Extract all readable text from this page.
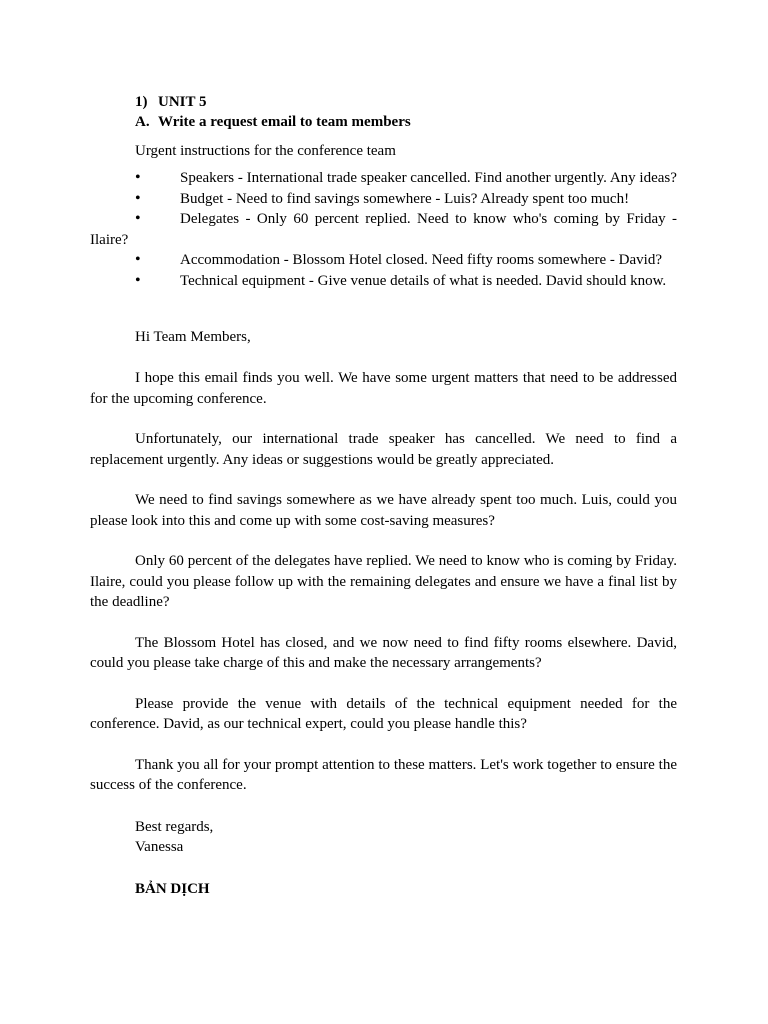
1) UNIT 5
A. Write a request email to team members
Urgent instructions for the conference team
•	Speakers - International trade speaker cancelled. Find another urgently. Any ideas?
•	Budget - Need to find savings somewhere - Luis? Already spent too much!
•	Delegates - Only 60 percent replied. Need to know who's coming by Friday - Ilaire?
•	Accommodation - Blossom Hotel closed. Need fifty rooms somewhere - David?
•	Technical equipment - Give venue details of what is needed. David should know.
Hi Team Members,
I hope this email finds you well. We have some urgent matters that need to be addressed for the upcoming conference.
Unfortunately, our international trade speaker has cancelled. We need to find a replacement urgently. Any ideas or suggestions would be greatly appreciated.
We need to find savings somewhere as we have already spent too much. Luis, could you please look into this and come up with some cost-saving measures?
Only 60 percent of the delegates have replied. We need to know who is coming by Friday. Ilaire, could you please follow up with the remaining delegates and ensure we have a final list by the deadline?
The Blossom Hotel has closed, and we now need to find fifty rooms elsewhere. David, could you please take charge of this and make the necessary arrangements?
Please provide the venue with details of the technical equipment needed for the conference. David, as our technical expert, could you please handle this?
Thank you all for your prompt attention to these matters. Let's work together to ensure the success of the conference.
Best regards,
Vanessa
BẢN DỊCH
